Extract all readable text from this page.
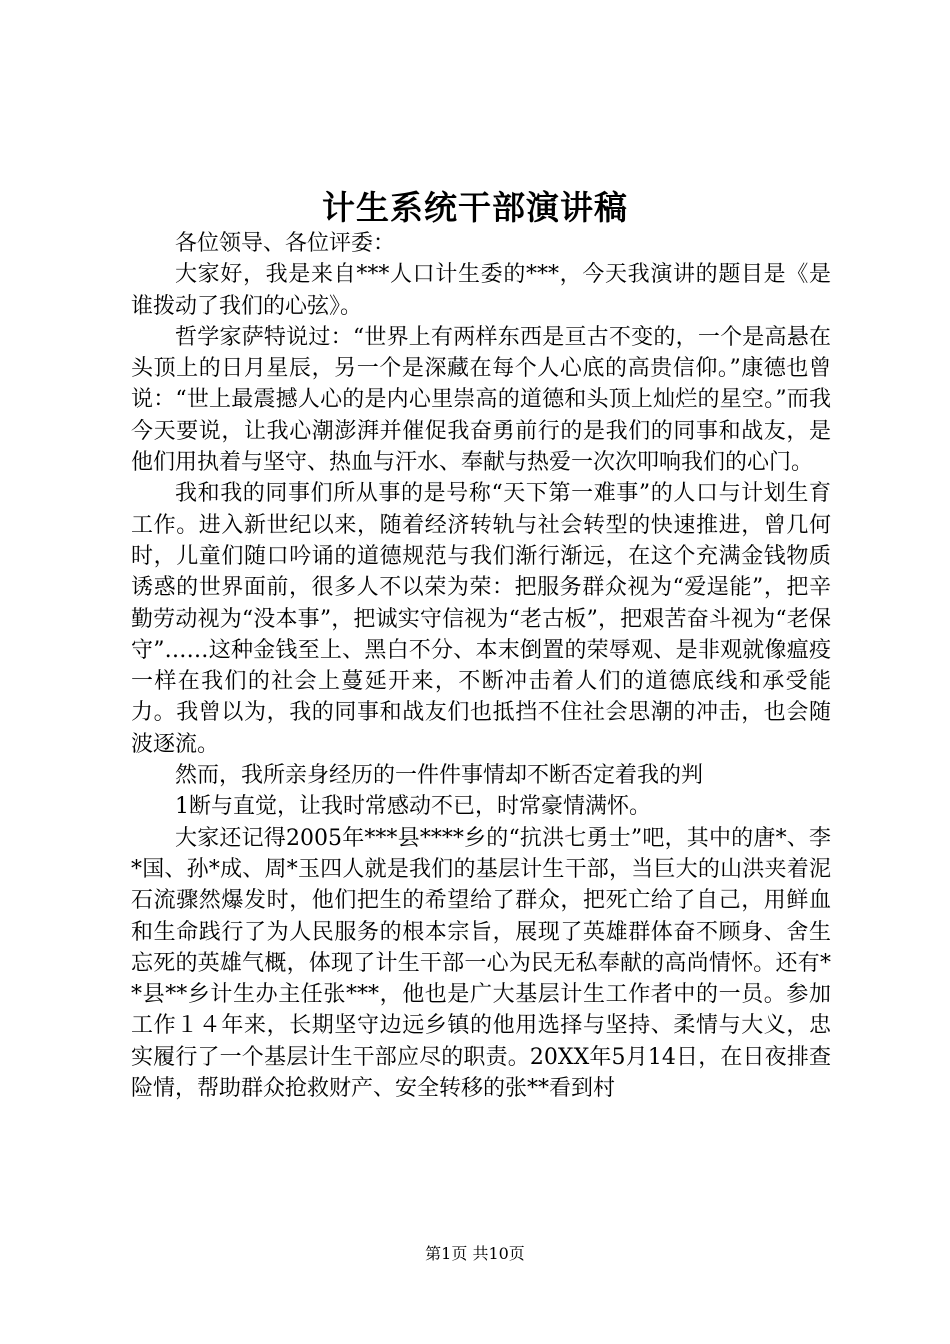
计生系统干部演讲稿

各位领导、各位评委：

大家好，我是来自***人口计生委的***，今天我演讲的题目是《是谁拨动了我们的心弦》。

哲学家萨特说过：“世界上有两样东西是亘古不变的，一个是高悬在头顶上的日月星辰，另一个是深藏在每个人心底的高贵信仰。”康德也曾说：“世上最震撼人心的是内心里崇高的道德和头顶上灿烂的星空。”而我今天要说，让我心潮澎湃并催促我奋勇前行的是我们的同事和战友，是他们用执着与坚守、热血与汗水、奉献与热爱一次次叩响我们的心门。

我和我的同事们所从事的是号称“天下第一难事”的人口与计划生育工作。进入新世纪以来，随着经济转轨与社会转型的快速推进，曾几何时，儿童们随口吟诵的道德规范与我们渐行渐远，在这个充满金钱物质诱惑的世界面前，很多人不以荣为荣：把服务群众视为“爱逞能”，把辛勤劳动视为“没本事”，把诚实守信视为“老古板”，把艰苦奋斗视为“老保守”……这种金钱至上、黑白不分、本末倒置的荣辱观、是非观就像瘟疫一样在我们的社会上蔓延开来，不断冲击着人们的道德底线和承受能力。我曾以为，我的同事和战友们也抵挡不住社会思潮的冲击，也会随波逐流。

然而，我所亲身经历的一件件事情却不断否定着我的判

1断与直觉，让我时常感动不已，时常豪情满怀。

大家还记得2005年***县****乡的“抗洪七勇士”吧，其中的唐*、李*国、孙*成、周*玉四人就是我们的基层计生干部，当巨大的山洪夹着泥石流骤然爆发时，他们把生的希望给了群众，把死亡给了自己，用鲜血和生命践行了为人民服务的根本宗旨，展现了英雄群体奋不顾身、舍生忘死的英雄气概，体现了计生干部一心为民无私奉献的高尚情怀。还有**县**乡计生办主任张***，他也是广大基层计生工作者中的一员。参加工作１４年来，长期坚守边远乡镇的他用选择与坚持、柔情与大义，忠实履行了一个基层计生干部应尽的职责。20XX年5月14日，在日夜排查险情，帮助群众抢救财产、安全转移的张**看到村

第1页 共10页
